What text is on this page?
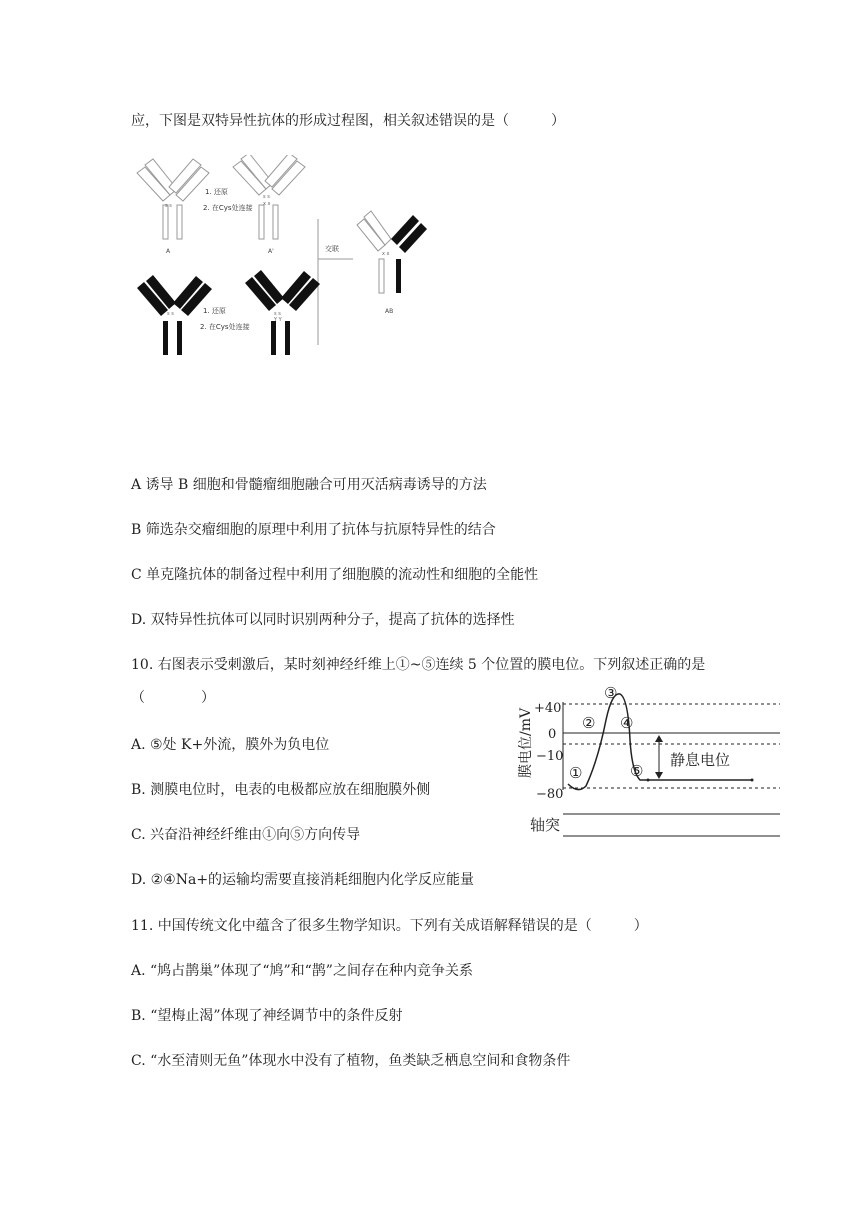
应，下图是双特异性抗体的形成过程图，相关叙述错误的是（　　　）
s s
A
1. 还原
2. 在Cys处连接
s s
x x
A'	交联
x x
AB
s s	1. 还原
2. 在Cys处连接
s s
Y Y
A 诱导 B 细胞和骨髓瘤细胞融合可用灭活病毒诱导的方法
B 筛选杂交瘤细胞的原理中利用了抗体与抗原特异性的结合
C 单克隆抗体的制备过程中利用了细胞膜的流动性和细胞的全能性
D. 双特异性抗体可以同时识别两种分子，提高了抗体的选择性
10. 右图表示受刺激后，某时刻神经纤维上①~⑤连续 5 个位置的膜电位。下列叙述正确的是
（　　　　）
A. ⑤处 K+外流，膜外为负电位
B. 测膜电位时，电表的电极都应放在细胞膜外侧
C. 兴奋沿神经纤维由①向⑤方向传导
D. ②④Na+的运输均需要直接消耗细胞内化学反应能量
膜电位/mV +40
0
−10
−80
①
②
③
④
⑤
静息电位
轴突
11. 中国传统文化中蕴含了很多生物学知识。下列有关成语解释错误的是（　　　）
A. “鸠占鹊巢”体现了“鸠”和“鹊”之间存在种内竞争关系
B. “望梅止渴”体现了神经调节中的条件反射
C. “水至清则无鱼”体现水中没有了植物，鱼类缺乏栖息空间和食物条件
